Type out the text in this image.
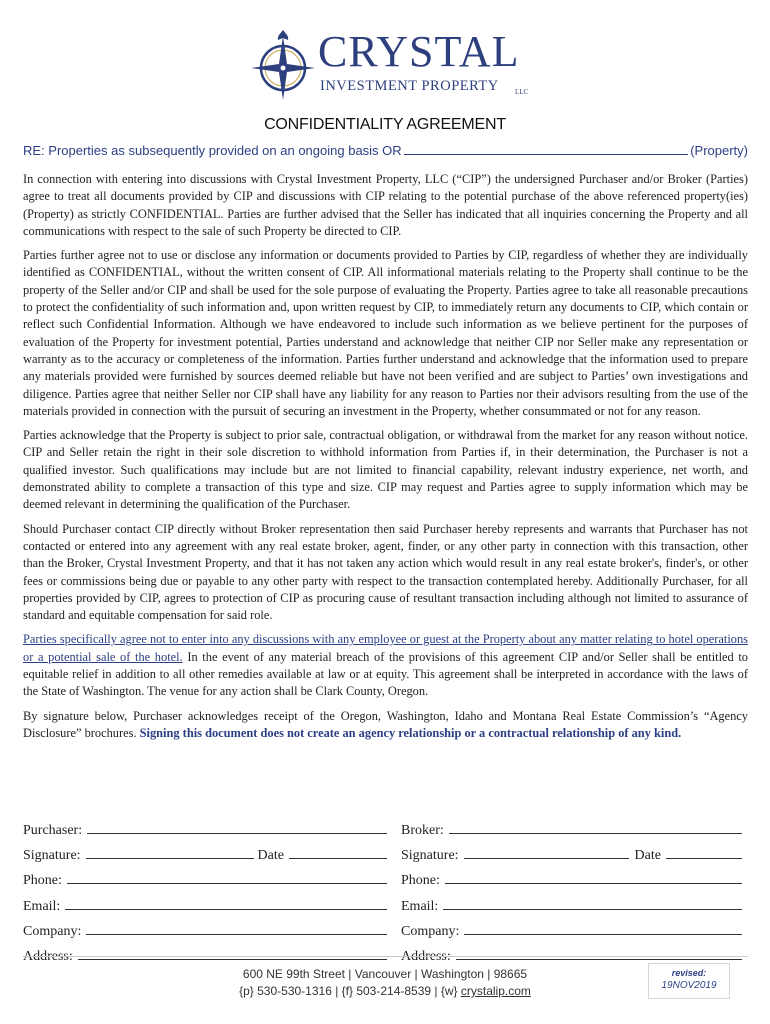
CRYSTAL
INVESTMENT PROPERTY LLC
CONFIDENTIALITY AGREEMENT
RE: Properties as subsequently provided on an ongoing basis OR	(Property)

In connection with entering into discussions with Crystal Investment Property, LLC (“CIP”) the undersigned Purchaser and/or Broker (Parties) agree to treat all documents provided by CIP and discussions with CIP relating to the potential purchase of the above referenced property(ies) (Property) as strictly CONFIDENTIAL. Parties are further advised that the Seller has indicated that all inquiries concerning the Property and all communications with respect to the sale of such Property be directed to CIP.

Parties further agree not to use or disclose any information or documents provided to Parties by CIP, regardless of whether they are individually identified as CONFIDENTIAL, without the written consent of CIP. All informational materials relating to the Property shall continue to be the property of the Seller and/or CIP and shall be used for the sole purpose of evaluating the Property. Parties agree to take all reasonable precautions to protect the confidentiality of such information and, upon written request by CIP, to immediately return any documents to CIP, which contain or reflect such Confidential Information. Although we have endeavored to include such information as we believe pertinent for the purposes of evaluation of the Property for investment potential, Parties understand and acknowledge that neither CIP nor Seller make any representation or warranty as to the accuracy or completeness of the information. Parties further understand and acknowledge that the information used to prepare any materials provided were furnished by sources deemed reliable but have not been verified and are subject to Parties’ own investigations and diligence. Parties agree that neither Seller nor CIP shall have any liability for any reason to Parties nor their advisors resulting from the use of the materials provided in connection with the pursuit of securing an investment in the Property, whether consummated or not for any reason.

Parties acknowledge that the Property is subject to prior sale, contractual obligation, or withdrawal from the market for any reason without notice. CIP and Seller retain the right in their sole discretion to withhold information from Parties if, in their determination, the Purchaser is not a qualified investor. Such qualifications may include but are not limited to financial capability, relevant industry experience, net worth, and demonstrated ability to complete a transaction of this type and size. CIP may request and Parties agree to supply information which may be deemed relevant in determining the qualification of the Purchaser.

Should Purchaser contact CIP directly without Broker representation then said Purchaser hereby represents and warrants that Purchaser has not contacted or entered into any agreement with any real estate broker, agent, finder, or any other party in connection with this transaction, other than the Broker, Crystal Investment Property, and that it has not taken any action which would result in any real estate broker's, finder's, or other fees or commissions being due or payable to any other party with respect to the transaction contemplated hereby. Additionally Purchaser, for all properties provided by CIP, agrees to protection of CIP as procuring cause of resultant transaction including although not limited to assurance of standard and equitable compensation for said role.

Parties specifically agree not to enter into any discussions with any employee or guest at the Property about any matter relating to hotel operations or a potential sale of the hotel. In the event of any material breach of the provisions of this agreement CIP and/or Seller shall be entitled to equitable relief in addition to all other remedies available at law or at equity. This agreement shall be interpreted in accordance with the laws of the State of Washington. The venue for any action shall be Clark County, Oregon.

By signature below, Purchaser acknowledges receipt of the Oregon, Washington, Idaho and Montana Real Estate Commission’s “Agency Disclosure” brochures. Signing this document does not create an agency relationship or a contractual relationship of any kind.

Purchaser:	Broker:
Signature:	Date	Signature:	Date
Phone:	Phone:
Email:	Email:
Company:	Company:
Address:	Address:
600 NE 99th Street | Vancouver | Washington | 98665
{p} 530-530-1316 | {f} 503-214-8539 | {w} crystalip.com
revised:
19NOV2019
